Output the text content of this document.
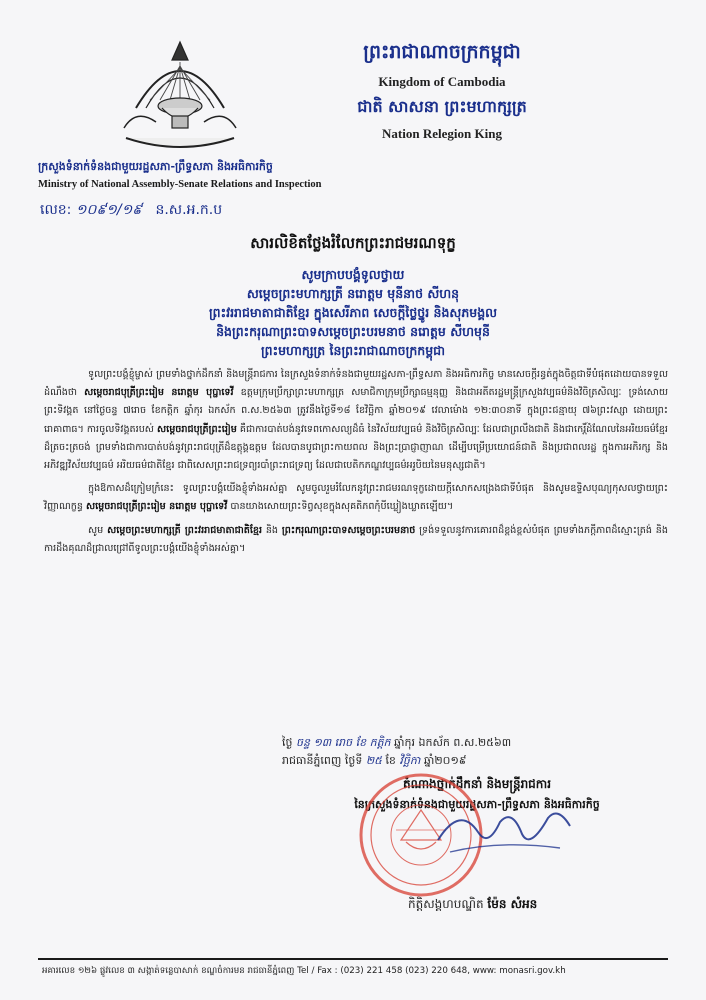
ព្រះរាជាណាចក្រកម្ពុជា
Kingdom of Cambodia
ជាតិ សាសនា ព្រះមហាក្សត្រ
Nation Relegion King
ក្រសួងទំនាក់ទំនងជាមួយរដ្ឋសភា-ព្រឹទ្ធសភា និងអធិការកិច្ច
Ministry of National Assembly-Senate Relations and Inspection
លេខ: ១០៩១/១៩ ន.ស.អ.ក.ប
សារលិខិតថ្លែងរំលែកព្រះរាជមរណទុក្ខ
សូមក្រាបបង្គំទូលថ្វាយ
សម្តេចព្រះមហាក្សត្រី នរោត្តម មុនីនាថ សីហនុ
ព្រះវររាជមាតាជាតិខ្មែរ ក្នុងសេរីភាព សេចក្តីថ្លៃថ្នូរ និងសុភមង្គល
និងព្រះករុណាព្រះបាទសម្តេចព្រះបរមនាថ នរោត្តម សីហមុនី
ព្រះមហាក្សត្រ នៃព្រះរាជាណាចក្រកម្ពុជា

ទូលព្រះបង្គំខ្ញុំម្ចាស់ ព្រមទាំងថ្នាក់ដឹកនាំ និងមន្ត្រីរាជការ នៃក្រសួងទំនាក់ទំនងជាមួយរដ្ឋសភា-ព្រឹទ្ធសភា និងអធិការកិច្ច មានសេចក្តីរន្ធត់ក្នុងចិត្តជាទីបំផុតដោយបានទទួលដំណឹងថា សម្តេចរាជបុត្រីព្រះរៀម នរោត្តម បុប្ផាទេវី ឧត្តមក្រុមប្រឹក្សាព្រះមហាក្សត្រ សមាជិកាក្រុមប្រឹក្សាធម្មនុញ្ញ និងជាអតីតរដ្ឋមន្ត្រីក្រសួងវប្បធម៌និងវិចិត្រសិល្បៈ ទ្រង់សោយព្រះទិវង្គត នៅថ្ងៃចន្ទ ៧រោច ខែកត្តិក ឆ្នាំកុរ ឯកស័ក ព.ស.២៥៦៣ ត្រូវនឹងថ្ងៃទី១៨ ខែវិច្ឆិកា ឆ្នាំ២០១៩ វេលាម៉ោង ១២:៣០នាទី ក្នុងព្រះជន្មាយុ ៧៦ព្រះវស្សា ដោយព្រះរោគាពាធ។ ការចូលទិវង្គតរបស់ សម្តេចរាជបុត្រីព្រះរៀម គឺជាការបាត់បង់នូវទេពកោសល្យដ៏ធំ នៃវិស័យវប្បធម៌ និងវិចិត្រសិល្បៈ ដែលជាព្រលឹងជាតិ និងជាកេរ្តិ៍ដំណែលនៃអរិយធម៌ខ្មែរ ដ៏ត្រចះត្រចង់ ព្រមទាំងជាការបាត់បង់នូវព្រះរាជបុត្រីដ៏ឧត្តុង្គឧត្តម ដែលបានបូជាព្រះកាយពល និងព្រះប្រាជ្ញាញាណ ដើម្បីបម្រើប្រយោជន៍ជាតិ និងប្រជាពលរដ្ឋ ក្នុងការអភិរក្ស និងអភិវឌ្ឍវិស័យវប្បធម៌ អរិយធម៌ជាតិខ្មែរ ជាពិសេសព្រះរាជទ្រព្យរបាំព្រះរាជទ្រព្យ ដែលជាបេតិកភណ្ឌវប្បធម៌អរូបិយនៃមនុស្សជាតិ។

ក្នុងឱកាសដ៏ក្រៀមក្រំនេះ ទូលព្រះបង្គំយើងខ្ញុំទាំងអស់គ្នា សូមចូលរួមរំលែកនូវព្រះរាជមរណទុក្ខដោយក្តីសោកសង្រេងជាទីបំផុត និងសូមឧទ្ទិសបុណ្យកុសលថ្វាយព្រះវិញ្ញាណក្ខន្ធ សម្តេចរាជបុត្រីព្រះរៀម នរោត្តម បុប្ផាទេវី បានយាងសោយព្រះទិព្វសុខក្នុងសុគតិភពកុំបីឃ្លៀងឃ្លាតឡើយ។

សូម សម្តេចព្រះមហាក្សត្រី ព្រះវររាជមាតាជាតិខ្មែរ និង ព្រះករុណាព្រះបាទសម្តេចព្រះបរមនាថ ទ្រង់ទទួលនូវការគោរពដ៏ខ្ពង់ខ្ពស់បំផុត ព្រមទាំងភក្តីភាពដ៏ស្មោះត្រង់ និងការដឹងគុណដ៏ជ្រាលជ្រៅពីទូលព្រះបង្គំយើងខ្ញុំទាំងអស់គ្នា។

ថ្ងៃ ចន្ទ ១៣ រោច ខែ កត្តិក ឆ្នាំកុរ ឯកស័ក ព.ស.២៥៦៣
រាជធានីភ្នំពេញ ថ្ងៃទី ២៥ ខែ វិច្ឆិកា ឆ្នាំ២០១៩
តំណាងថ្នាក់ដឹកនាំ និងមន្ត្រីរាជការ
នៃក្រសួងទំនាក់ទំនងជាមួយរដ្ឋសភា-ព្រឹទ្ធសភា និងអធិការកិច្ច
កិត្តិសង្គហបណ្ឌិត ម៉ែន សំអន
អគារលេខ ១២៦ ផ្លូវលេខ ៣ សង្កាត់ទន្លេបាសាក់ ខណ្ឌចំការមន រាជធានីភ្នំពេញ Tel / Fax : (023) 221 458 (023) 220 648, www: monasri.gov.kh
